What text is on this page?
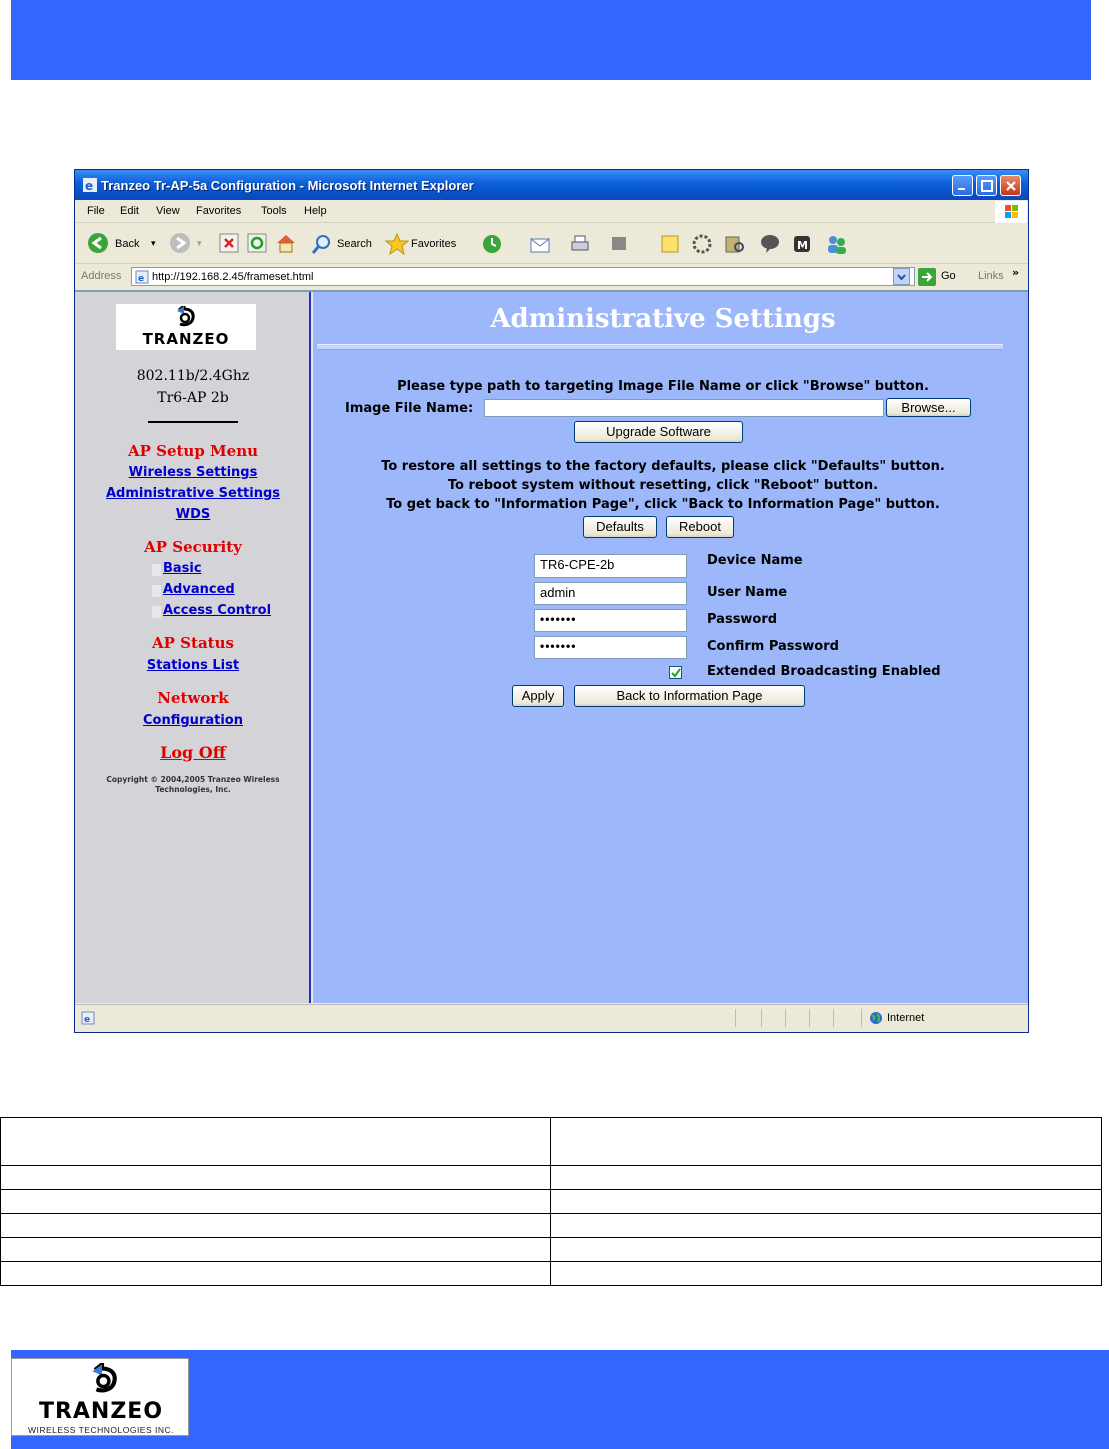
e Tranzeo Tr-AP-5a Configuration - Microsoft Internet Explorer
File Edit View Favorites Tools Help
Back ▾	▾	Search	Favorites	M
Address e http://192.168.2.45/frameset.html	Go Links »
TRANZEO
802.11b/2.4Ghz
Tr6-AP 2b
AP Setup Menu
Wireless Settings
Administrative Settings
WDS
AP Security
Basic
Advanced
Access Control
AP Status
Stations List
Network
Configuration
Log Off
Copyright © 2004,2005 Tranzeo Wireless
Technologies, Inc.
Administrative Settings
Please type path to targeting Image File Name or click "Browse" button.
Image File Name:	Browse...
Upgrade Software
To restore all settings to the factory defaults, please click "Defaults" button.
To reboot system without resetting, click "Reboot" button.
To get back to "Information Page", click "Back to Information Page" button.
Defaults	Reboot
TR6-CPE-2b	Device Name
admin	User Name
•••••••	Password
•••••••	Confirm Password
Extended Broadcasting Enabled
Apply	Back to Information Page
e	Internet

TRANZEO
WIRELESS TECHNOLOGIES INC.
